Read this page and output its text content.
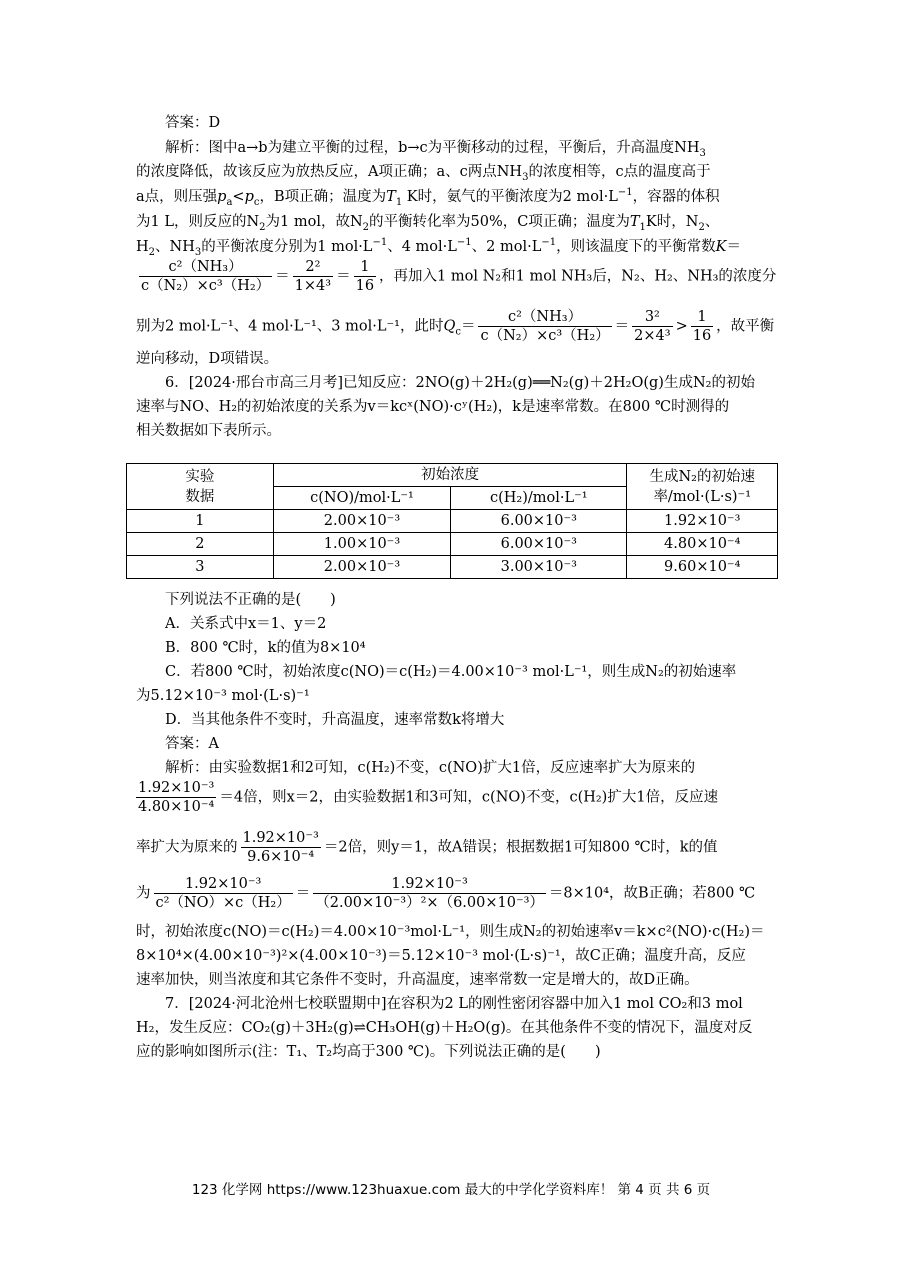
答案：D
解析：图中a→b为建立平衡的过程，b→c为平衡移动的过程，平衡后，升高温度$NH_3$
的浓度降低，故该反应为放热反应，A项正确；a、c两点$NH_3$的浓度相等，c点的温度高于
a点，则压强$p_a<p_c$，B项正确；温度为$T_1$ K时，氨气的平衡浓度为2 $mol\cdot L^{-1}$，容器的体积
为1 L，则反应的$N_2$为1 mol，故$N_2$的平衡转化率为50%，C项正确；温度为$T_1K$时，$N_2$、
$H_2$、$NH_3$的平衡浓度分别为1 $mol\cdot L^{-1}$、4 $mol\cdot L^{-1}$、2 $mol\cdot L^{-1}$，则该温度下的平衡常数K＝
$\frac{\text{c²（NH₃）}}{\text{c（N₂）×c³（H₂）}} = \frac{\text{2²}}{\text{1×4³}} = \frac{1}{16}$ ，再加入1 mol N₂和1 mol NH₃后，N₂、H₂、NH₃的浓度分
别为2 mol·L⁻¹、4 mol·L⁻¹、3 mol·L⁻¹，此时$Q_c= \frac{\text{c²（NH₃）}}{\text{c（N₂）×c³（H₂）}} = \frac{\text{3²}}{\text{2×4³}} > \frac{1}{16}$ ，故平衡
逆向移动，D项错误。
6．[2024·邢台市高三月考]已知反应：2NO(g)＋2H₂(g)══N₂(g)＋2H₂O(g)生成N₂的初始
速率与NO、H₂的初始浓度的关系为v＝kcˣ(NO)·cʸ(H₂)，k是速率常数。在800 ℃时测得的
相关数据如下表所示。
实验
数据	初始浓度		生成N₂的初始速
率/mol·(L·s)⁻¹
	c(NO)/mol·L⁻¹	c(H₂)/mol·L⁻¹	
1	2.00×10⁻³	6.00×10⁻³	1.92×10⁻³
2	1.00×10⁻³	6.00×10⁻³	4.80×10⁻⁴
3	2.00×10⁻³	3.00×10⁻³	9.60×10⁻⁴
下列说法不正确的是(　　)
A．关系式中x＝1、y＝2
B．800 ℃时，k的值为8×10⁴
C．若800 ℃时，初始浓度c(NO)＝c(H₂)＝4.00×10⁻³ mol·L⁻¹，则生成N₂的初始速率
为5.12×10⁻³ mol·(L·s)⁻¹
D．当其他条件不变时，升高温度，速率常数k将增大
答案：A
解析：由实验数据1和2可知，c(H₂)不变，c(NO)扩大1倍，反应速率扩大为原来的
$\frac{\text{1.92×10⁻³}}{\text{4.80×10⁻⁴}} =4$倍，则x＝2，由实验数据1和3可知，c(NO)不变，c(H₂)扩大1倍，反应速
率扩大为原来的 $\frac{\text{1.92×10⁻³}}{\text{9.6×10⁻⁴}} =2$倍，则y＝1，故A错误；根据数据1可知800 ℃时，k的值
为 $\frac{\text{1.92×10⁻³}}{\text{c²（NO）×c（H₂）}} = \frac{\text{1.92×10⁻³}}{\text{（2.00×10⁻³）²×（6.00×10⁻³）}} =8\times 10^4$，故B正确；若800 ℃
时，初始浓度c(NO)＝c(H₂)＝4.00×10⁻³mol·L⁻¹，则生成N₂的初始速率v＝k×c²(NO)·c(H₂)＝
8×10⁴×(4.00×10⁻³)²×(4.00×10⁻³)＝5.12×10⁻³ mol·(L·s)⁻¹，故C正确；温度升高，反应
速率加快，则当浓度和其它条件不变时，升高温度，速率常数一定是增大的，故D正确。
7．[2024·河北沧州七校联盟期中]在容积为2 L的刚性密闭容器中加入1 mol CO₂和3 mol
H₂，发生反应：CO₂(g)＋3H₂(g)⇌CH₃OH(g)＋H₂O(g)。在其他条件不变的情况下，温度对反
应的影响如图所示(注：T₁、T₂均高于300 ℃)。下列说法正确的是(　　)
123 化学网 https://www.123huaxue.com 最大的中学化学资料库！ 第 4 页 共 6 页
